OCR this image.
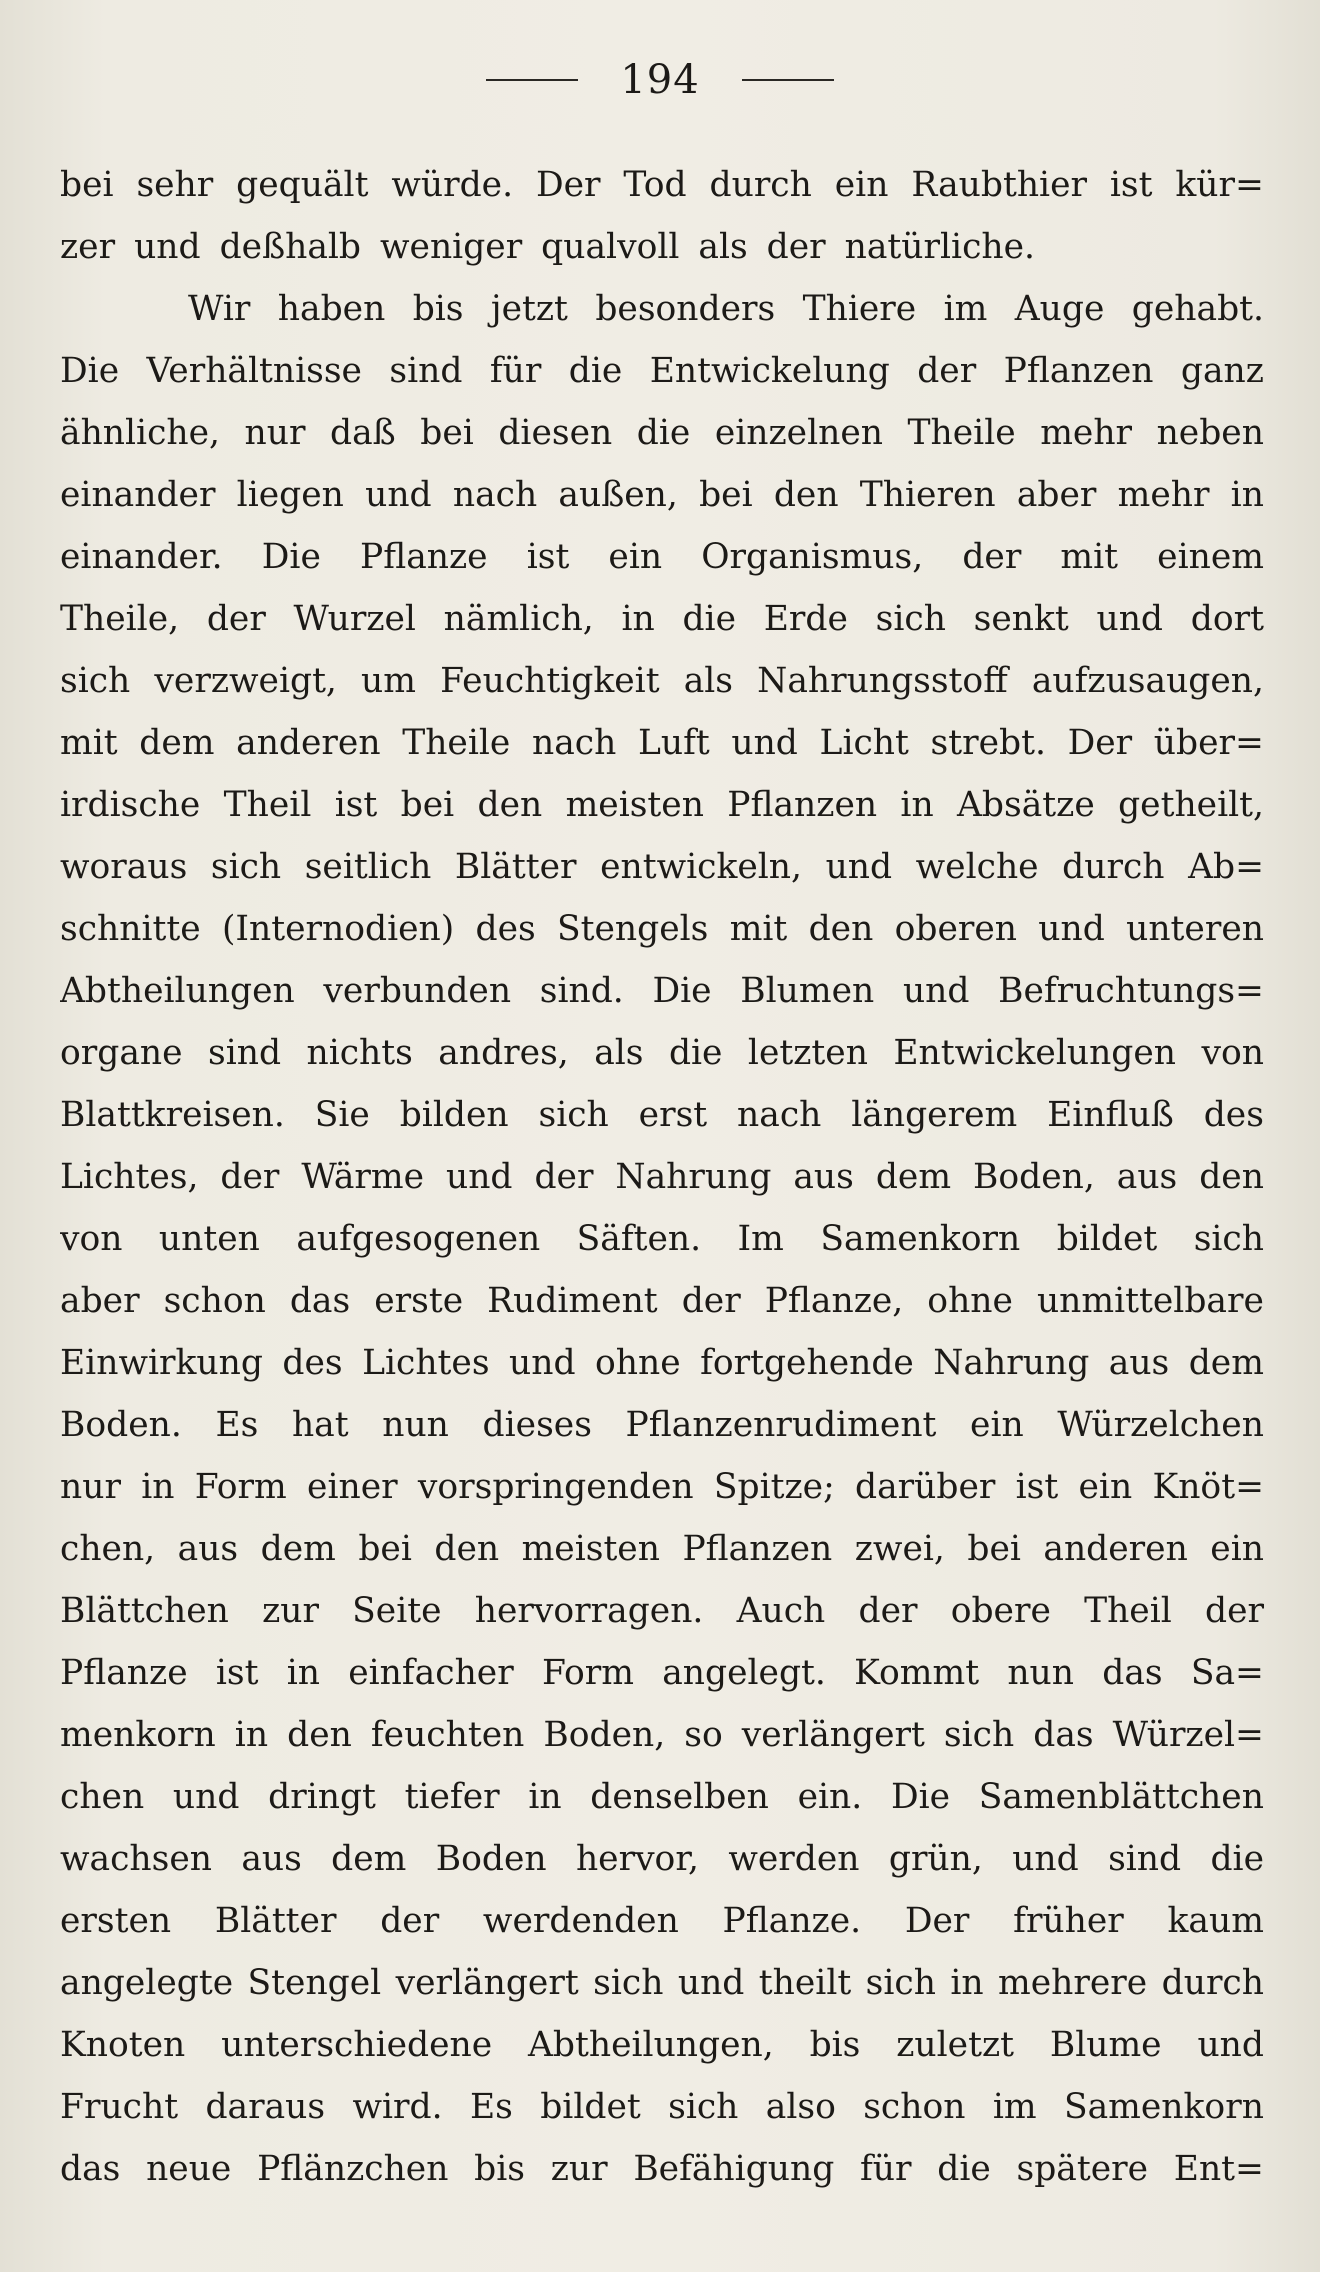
194
bei sehr gequält würde. Der Tod durch ein Raubthier ist kür=
zer und deßhalb weniger qualvoll als der natürliche.
Wir haben bis jetzt besonders Thiere im Auge gehabt.
Die Verhältnisse sind für die Entwickelung der Pflanzen ganz
ähnliche, nur daß bei diesen die einzelnen Theile mehr neben
einander liegen und nach außen, bei den Thieren aber mehr in
einander. Die Pflanze ist ein Organismus, der mit einem
Theile, der Wurzel nämlich, in die Erde sich senkt und dort
sich verzweigt, um Feuchtigkeit als Nahrungsstoff aufzusaugen,
mit dem anderen Theile nach Luft und Licht strebt. Der über=
irdische Theil ist bei den meisten Pflanzen in Absätze getheilt,
woraus sich seitlich Blätter entwickeln, und welche durch Ab=
schnitte (Internodien) des Stengels mit den oberen und unteren
Abtheilungen verbunden sind. Die Blumen und Befruchtungs=
organe sind nichts andres, als die letzten Entwickelungen von
Blattkreisen. Sie bilden sich erst nach längerem Einfluß des
Lichtes, der Wärme und der Nahrung aus dem Boden, aus den
von unten aufgesogenen Säften. Im Samenkorn bildet sich
aber schon das erste Rudiment der Pflanze, ohne unmittelbare
Einwirkung des Lichtes und ohne fortgehende Nahrung aus dem
Boden. Es hat nun dieses Pflanzenrudiment ein Würzelchen
nur in Form einer vorspringenden Spitze; darüber ist ein Knöt=
chen, aus dem bei den meisten Pflanzen zwei, bei anderen ein
Blättchen zur Seite hervorragen. Auch der obere Theil der
Pflanze ist in einfacher Form angelegt. Kommt nun das Sa=
menkorn in den feuchten Boden, so verlängert sich das Würzel=
chen und dringt tiefer in denselben ein. Die Samenblättchen
wachsen aus dem Boden hervor, werden grün, und sind die
ersten Blätter der werdenden Pflanze. Der früher kaum
angelegte Stengel verlängert sich und theilt sich in mehrere durch
Knoten unterschiedene Abtheilungen, bis zuletzt Blume und
Frucht daraus wird. Es bildet sich also schon im Samenkorn
das neue Pflänzchen bis zur Befähigung für die spätere Ent=
